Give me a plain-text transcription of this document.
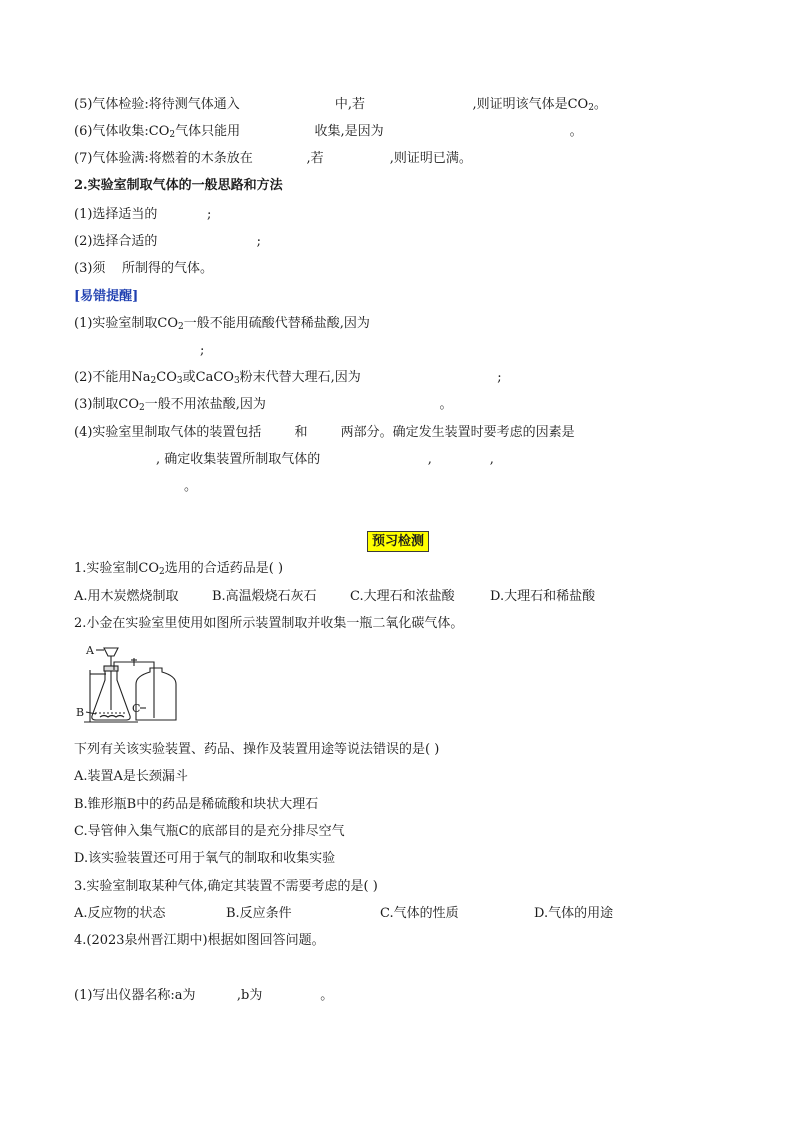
(5)气体检验:将待测气体通入	中,若	,则证明该气体是$CO_2$。
(6)气体收集$:CO_2$气体只能用	收集,是因为	。
(7)气体验满:将燃着的木条放在	,若	,则证明已满。
2.实验室制取气体的一般思路和方法
(1)选择适当的	;
(2)选择合适的	;
(3)须 所制得的气体。
[易错提醒]
(1)实验室制取$CO_2$一般不能用硫酸代替稀盐酸,因为
;
(2)不能用$Na_2CO_3$或CaCO$_3$粉末代替大理石,因为	;
(3)制取$CO_2$一般不用浓盐酸,因为	。
(4)实验室里制取气体的装置包括	和	两部分。确定发生装置时要考虑的因素是
, 确定收集装置所制取气体的	,	,
。
预习检测
1.实验室制$CO_2$选用的合适药品是( )
A.用木炭燃烧制取	B.高温煅烧石灰石	C.大理石和浓盐酸	D.大理石和稀盐酸
2.小金在实验室里使用如图所示装置制取并收集一瓶二氧化碳气体。
A
B	C
下列有关该实验装置、药品、操作及装置用途等说法错误的是( )
A.装置A是长颈漏斗
B.锥形瓶B中的药品是稀硫酸和块状大理石
C.导管伸入集气瓶C的底部目的是充分排尽空气
D.该实验装置还可用于氧气的制取和收集实验
3.实验室制取某种气体,确定其装置不需要考虑的是( )
A.反应物的状态	B.反应条件	C.气体的性质	D.气体的用途
4.(2023泉州晋江期中)根据如图回答问题。
(1)写出仪器名称:a为	,b为	。
